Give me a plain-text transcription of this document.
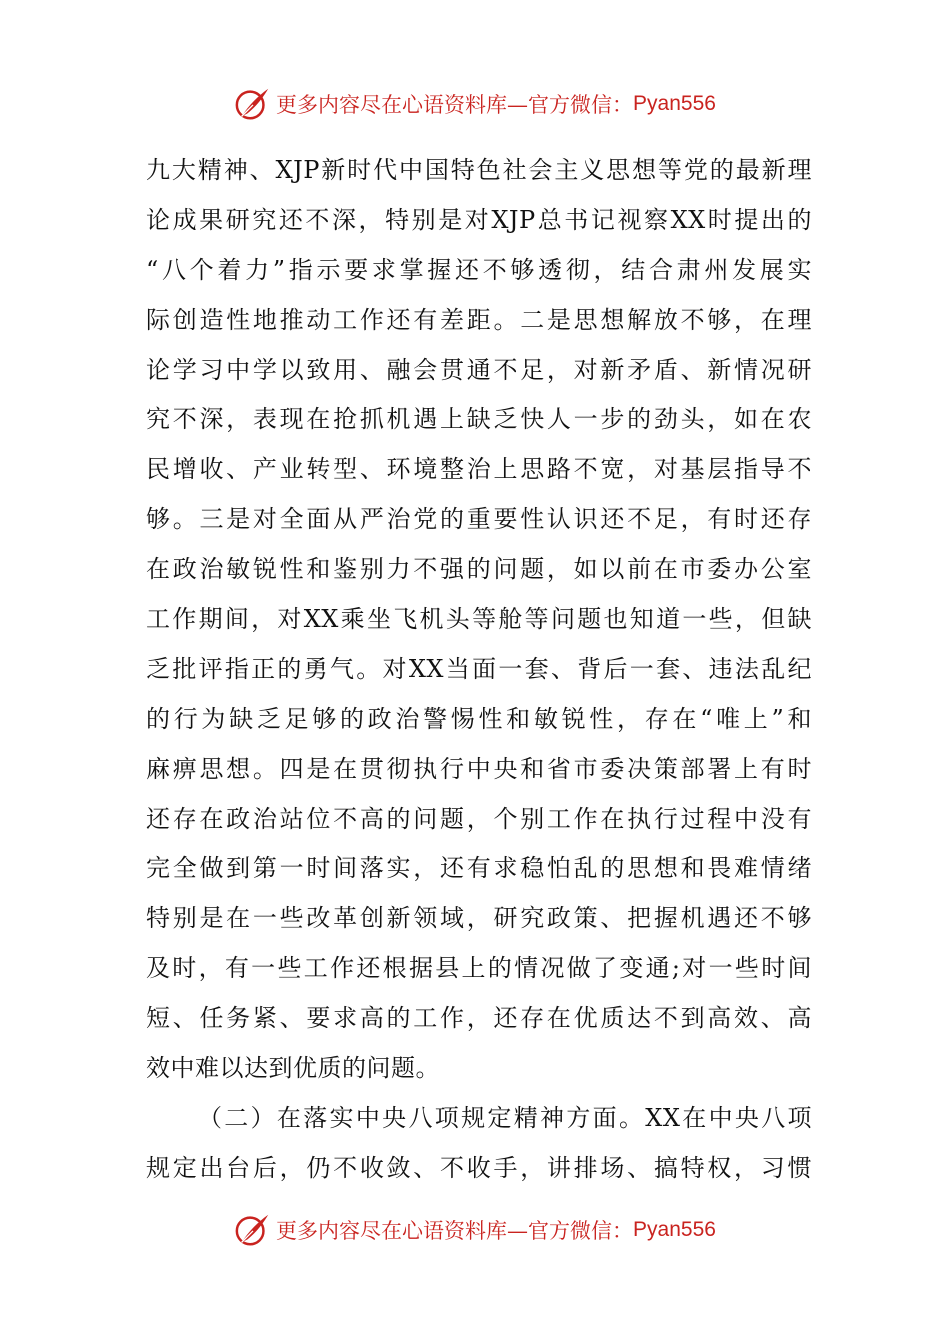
更多内容尽在心语资料库—官方微信： Pyan556
九大精神、XJP新时代中国特色社会主义思想等党的最新理
论成果研究还不深，特别是对XJP总书记视察XX时提出的
“八个着力”指示要求掌握还不够透彻，结合肃州发展实
际创造性地推动工作还有差距。二是思想解放不够，在理
论学习中学以致用、融会贯通不足，对新矛盾、新情况研
究不深，表现在抢抓机遇上缺乏快人一步的劲头，如在农
民增收、产业转型、环境整治上思路不宽，对基层指导不
够。三是对全面从严治党的重要性认识还不足，有时还存
在政治敏锐性和鉴别力不强的问题，如以前在市委办公室
工作期间，对XX乘坐飞机头等舱等问题也知道一些，但缺
乏批评指正的勇气。对XX当面一套、背后一套、违法乱纪
的行为缺乏足够的政治警惕性和敏锐性，存在“唯上”和
麻痹思想。四是在贯彻执行中央和省市委决策部署上有时
还存在政治站位不高的问题，个别工作在执行过程中没有
完全做到第一时间落实，还有求稳怕乱的思想和畏难情绪
特别是在一些改革创新领域，研究政策、把握机遇还不够
及时，有一些工作还根据县上的情况做了变通;对一些时间
短、任务紧、要求高的工作，还存在优质达不到高效、高
效中难以达到优质的问题。
（二）在落实中央八项规定精神方面。XX在中央八项
规定出台后，仍不收敛、不收手，讲排场、搞特权，习惯
更多内容尽在心语资料库—官方微信： Pyan556
